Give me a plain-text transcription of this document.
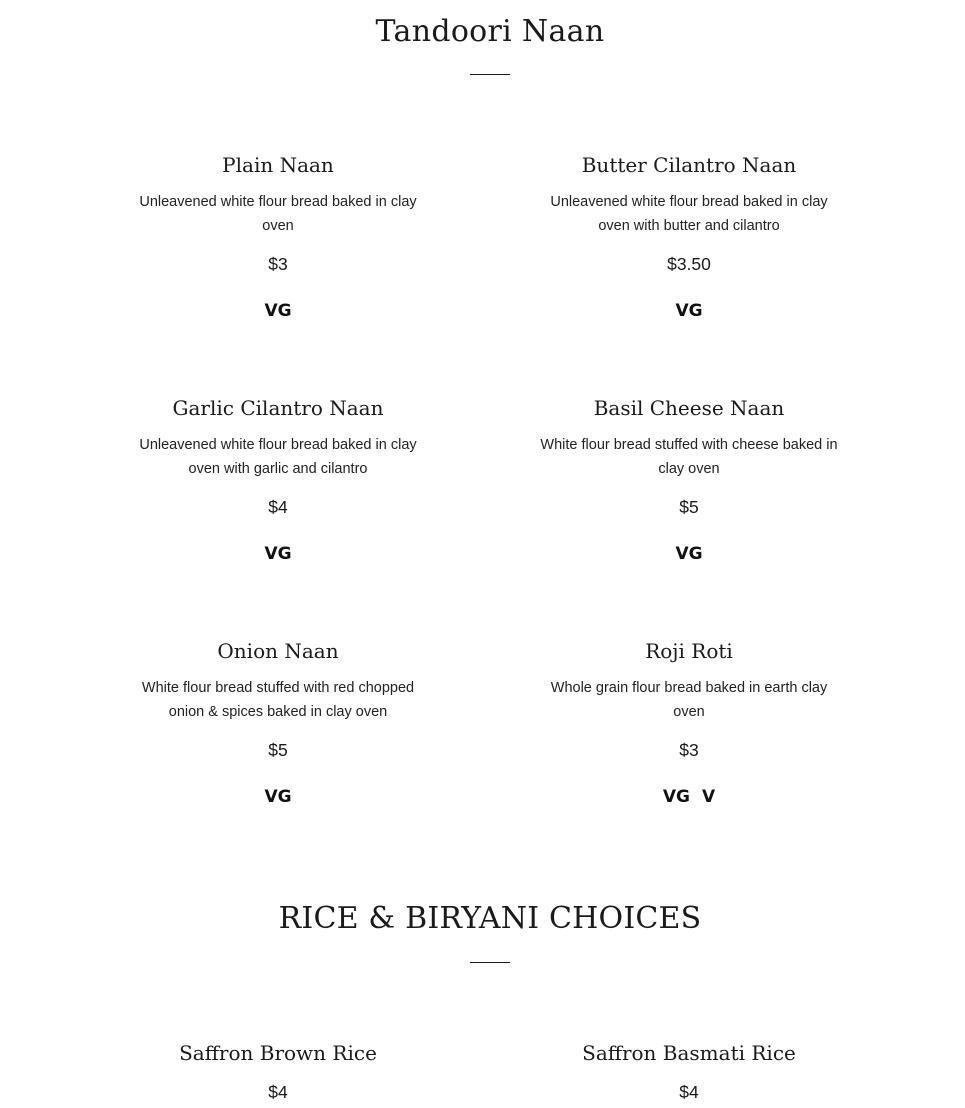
Tandoori Naan
Plain Naan
Unleavened white flour bread baked in clay oven
$3
VG
Butter Cilantro Naan
Unleavened white flour bread baked in clay oven with butter and cilantro
$3.50
VG
Garlic Cilantro Naan
Unleavened white flour bread baked in clay oven with garlic and cilantro
$4
VG
Basil Cheese Naan
White flour bread stuffed with cheese baked in clay oven
$5
VG
Onion Naan
White flour bread stuffed with red chopped onion & spices baked in clay oven
$5
VG
Roji Roti
Whole grain flour bread baked in earth clay oven
$3
VG V
RICE & BIRYANI CHOICES
Saffron Brown Rice
$4
Saffron Basmati Rice
$4
